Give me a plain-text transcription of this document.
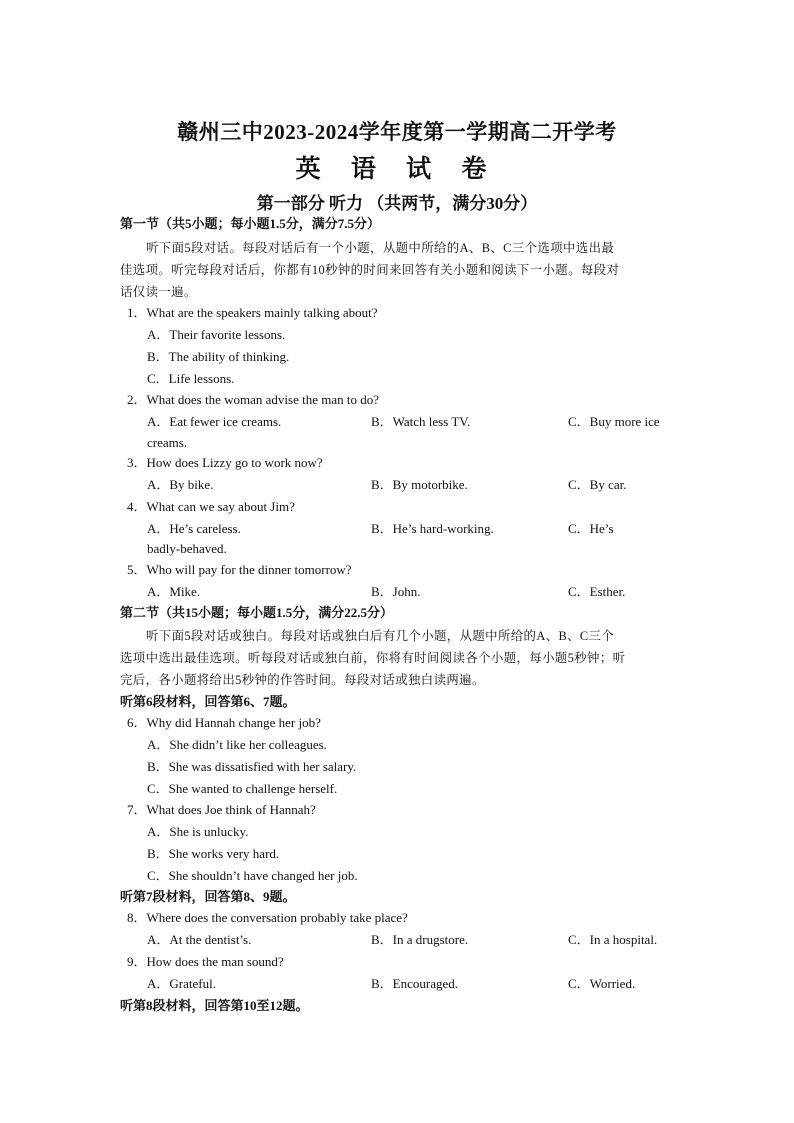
赣州三中2023-2024学年度第一学期高二开学考
英 语 试 卷
第一部分 听力 （共两节，满分30分）
第一节（共5小题；每小题1.5分，满分7.5分）
听下面5段对话。每段对话后有一个小题，从题中所给的A、B、C三个选项中选出最
佳选项。听完每段对话后，你都有10秒钟的时间来回答有关小题和阅读下一小题。每段对
话仅读一遍。
1．What are the speakers mainly talking about?
A．Their favorite lessons.
B．The ability of thinking.
C．Life lessons.
2．What does the woman advise the man to do?
A．Eat fewer ice creams.	B．Watch less TV.	C．Buy more ice
creams.
3．How does Lizzy go to work now?
A．By bike.	B．By motorbike.	C．By car.
4．What can we say about Jim?
A．He’s careless.	B．He’s hard-working.	C．He’s
badly-behaved.
5．Who will pay for the dinner tomorrow?
A．Mike.	B．John.	C．Esther.
第二节（共15小题；每小题1.5分，满分22.5分）
听下面5段对话或独白。每段对话或独白后有几个小题，从题中所给的A、B、C三个
选项中选出最佳选项。听每段对话或独白前，你将有时间阅读各个小题，每小题5秒钟；听
完后，各小题将给出5秒钟的作答时间。每段对话或独白读两遍。
听第6段材料，回答第6、7题。
6．Why did Hannah change her job?
A．She didn’t like her colleagues.
B．She was dissatisfied with her salary.
C．She wanted to challenge herself.
7．What does Joe think of Hannah?
A．She is unlucky.
B．She works very hard.
C．She shouldn’t have changed her job.
听第7段材料，回答第8、9题。
8．Where does the conversation probably take place?
A．At the dentist’s.	B．In a drugstore.	C．In a hospital.
9．How does the man sound?
A．Grateful.	B．Encouraged.	C．Worried.
听第8段材料，回答第10至12题。
